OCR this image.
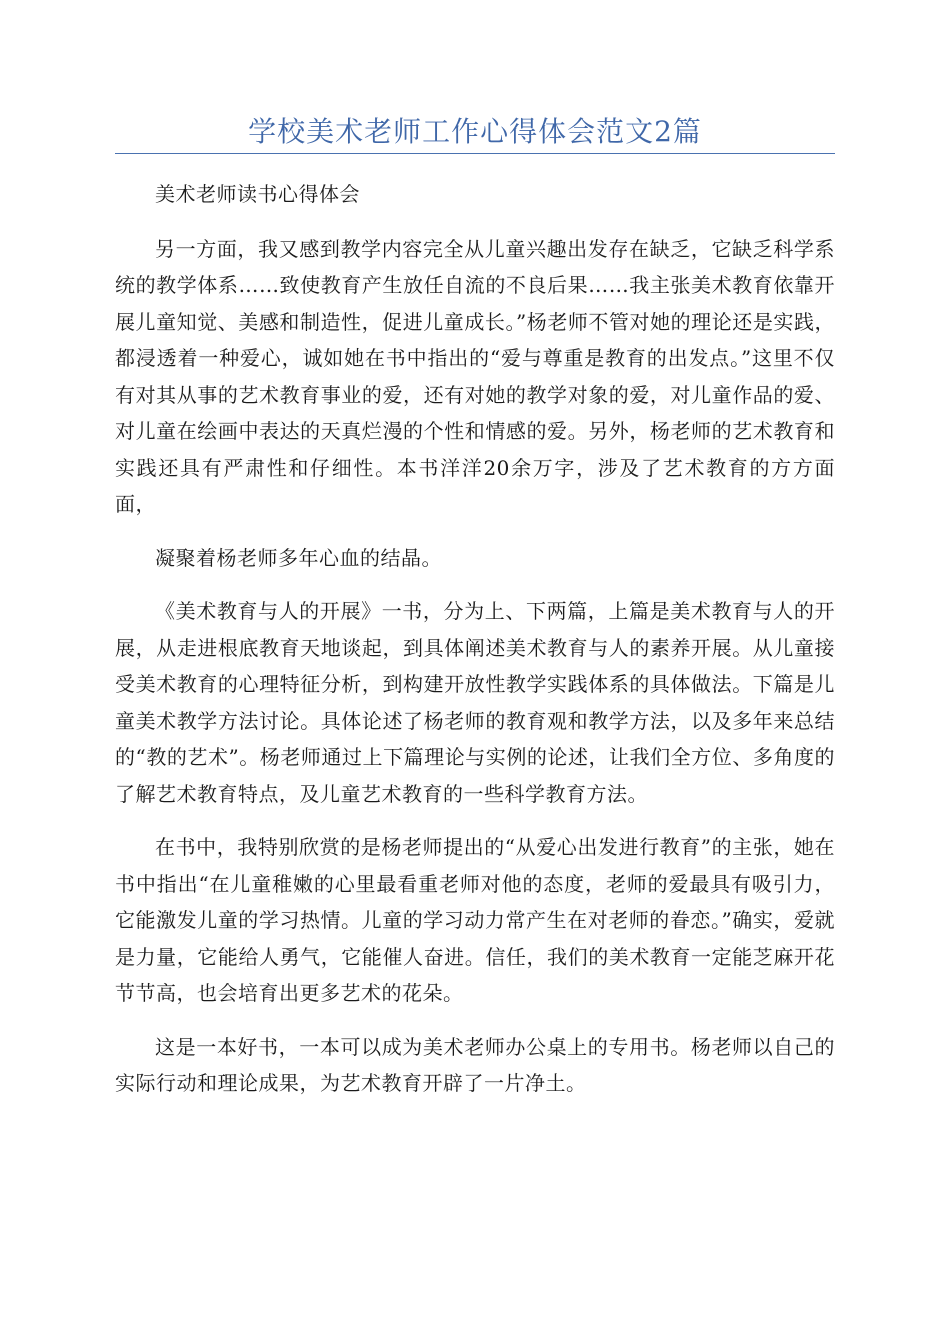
学校美术老师工作心得体会范文2篇

美术老师读书心得体会

另一方面，我又感到教学内容完全从儿童兴趣出发存在缺乏，它缺乏科学系统的教学体系……致使教育产生放任自流的不良后果……我主张美术教育依靠开展儿童知觉、美感和制造性，促进儿童成长。”杨老师不管对她的理论还是实践，都浸透着一种爱心，诚如她在书中指出的“爱与尊重是教育的出发点。”这里不仅有对其从事的艺术教育事业的爱，还有对她的教学对象的爱，对儿童作品的爱、对儿童在绘画中表达的天真烂漫的个性和情感的爱。另外，杨老师的艺术教育和实践还具有严肃性和仔细性。本书洋洋20余万字，涉及了艺术教育的方方面面，

凝聚着杨老师多年心血的结晶。

《美术教育与人的开展》一书，分为上、下两篇，上篇是美术教育与人的开展，从走进根底教育天地谈起，到具体阐述美术教育与人的素养开展。从儿童接受美术教育的心理特征分析，到构建开放性教学实践体系的具体做法。下篇是儿童美术教学方法讨论。具体论述了杨老师的教育观和教学方法，以及多年来总结的“教的艺术”。杨老师通过上下篇理论与实例的论述，让我们全方位、多角度的了解艺术教育特点，及儿童艺术教育的一些科学教育方法。

在书中，我特别欣赏的是杨老师提出的“从爱心出发进行教育”的主张，她在书中指出“在儿童稚嫩的心里最看重老师对他的态度，老师的爱最具有吸引力，它能激发儿童的学习热情。儿童的学习动力常产生在对老师的眷恋。”确实，爱就是力量，它能给人勇气，它能催人奋进。信任，我们的美术教育一定能芝麻开花节节高，也会培育出更多艺术的花朵。

这是一本好书，一本可以成为美术老师办公桌上的专用书。杨老师以自己的实际行动和理论成果，为艺术教育开辟了一片净土。
